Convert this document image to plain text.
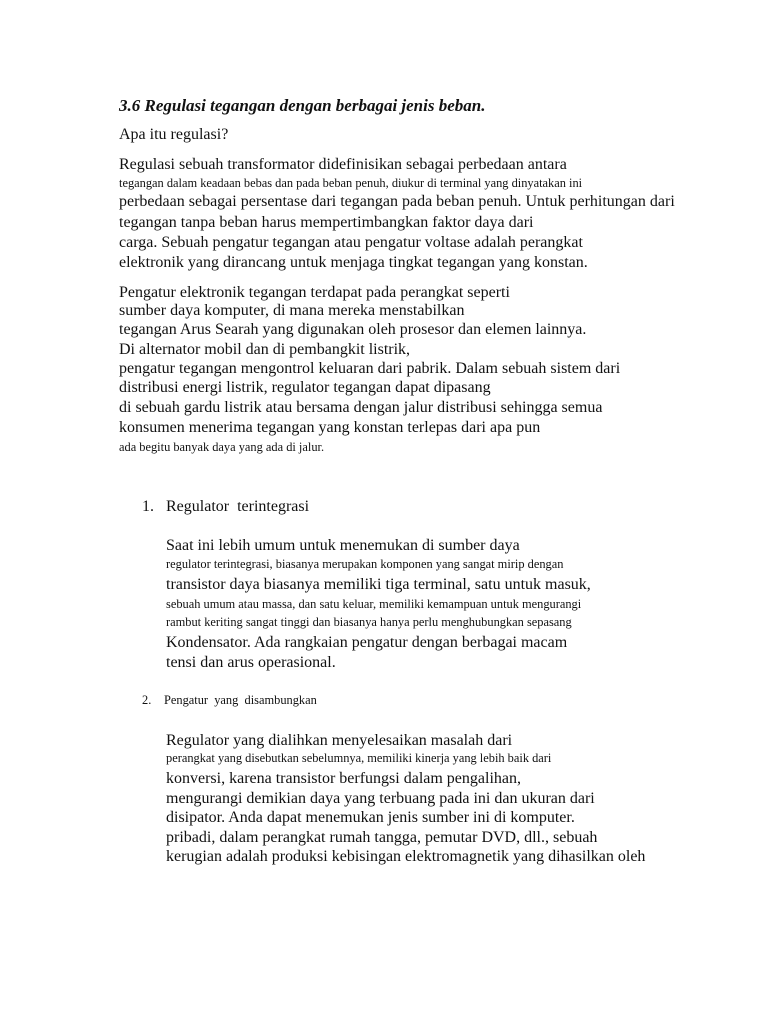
3.6 Regulasi tegangan dengan berbagai jenis beban.
Apa itu regulasi?
Regulasi sebuah transformator didefinisikan sebagai perbedaan antara
tegangan dalam keadaan bebas dan pada beban penuh, diukur di terminal yang dinyatakan ini
perbedaan sebagai persentase dari tegangan pada beban penuh. Untuk perhitungan dari
tegangan tanpa beban harus mempertimbangkan faktor daya dari
carga. Sebuah pengatur tegangan atau pengatur voltase adalah perangkat
elektronik yang dirancang untuk menjaga tingkat tegangan yang konstan.
Pengatur elektronik tegangan terdapat pada perangkat seperti
sumber daya komputer, di mana mereka menstabilkan
tegangan Arus Searah yang digunakan oleh prosesor dan elemen lainnya.
Di alternator mobil dan di pembangkit listrik,
pengatur tegangan mengontrol keluaran dari pabrik. Dalam sebuah sistem dari
distribusi energi listrik, regulator tegangan dapat dipasang
di sebuah gardu listrik atau bersama dengan jalur distribusi sehingga semua
konsumen menerima tegangan yang konstan terlepas dari apa pun
ada begitu banyak daya yang ada di jalur.
1. Regulator  terintegrasi
Saat ini lebih umum untuk menemukan di sumber daya
regulator terintegrasi, biasanya merupakan komponen yang sangat mirip dengan
transistor daya biasanya memiliki tiga terminal, satu untuk masuk,
sebuah umum atau massa, dan satu keluar, memiliki kemampuan untuk mengurangi
rambut keriting sangat tinggi dan biasanya hanya perlu menghubungkan sepasang
Kondensator. Ada rangkaian pengatur dengan berbagai macam
tensi dan arus operasional.
2. Pengatur  yang  disambungkan
Regulator yang dialihkan menyelesaikan masalah dari
perangkat yang disebutkan sebelumnya, memiliki kinerja yang lebih baik dari
konversi, karena transistor berfungsi dalam pengalihan,
mengurangi demikian daya yang terbuang pada ini dan ukuran dari
disipator. Anda dapat menemukan jenis sumber ini di komputer.
pribadi, dalam perangkat rumah tangga, pemutar DVD, dll., sebuah
kerugian adalah produksi kebisingan elektromagnetik yang dihasilkan oleh
